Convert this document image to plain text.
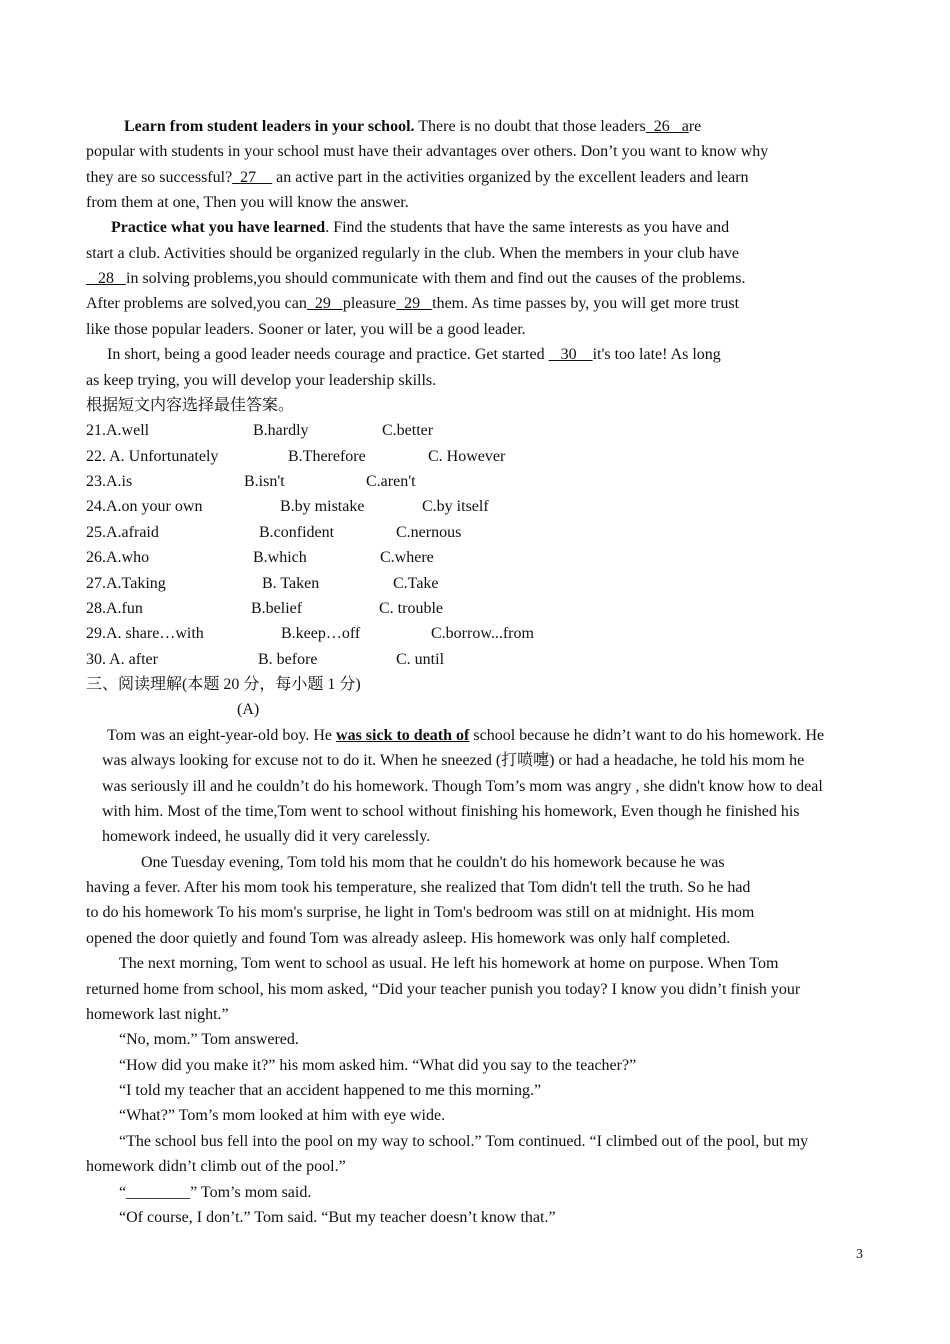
Learn from student leaders in your school. There is no doubt that those leaders  26   are
popular with students in your school must have their advantages over others. Don’t you want to know why
they are so successful?  27     an active part in the activities organized by the excellent leaders and learn
from them at one, Then you will know the answer.
Practice what you have learned. Find the students that have the same interests as you have and
start a club. Activities should be organized regularly in the club. When the members in your club have
28   in solving problems,you should communicate with them and find out the causes of the problems.
After problems are solved,you can  29   pleasure  29   them. As time passes by, you will get more trust
like those popular leaders. Sooner or later, you will be a good leader.
In short, being a good leader needs courage and practice. Get started    30    it's too late! As long
as keep trying, you will develop your leadership skills.
根据短文内容选择最佳答案。
21.A.well	B.hardly	C.better
22. A. Unfortunately	B.Therefore	C. However
23.A.is	B.isn't	C.aren't
24.A.on your own	B.by mistake	C.by itself
25.A.afraid	B.confident	C.nernous
26.A.who	B.which	C.where
27.A.Taking	B. Taken	C.Take
28.A.fun	B.belief	C. trouble
29.A. share…with	B.keep…off	C.borrow...from
30. A. after	B. before	C. until
三、阅读理解(本题 20 分，每小题 1 分)
(A)
Tom was an eight-year-old boy. He was sick to death of school because he didn’t want to do his homework. He
was always looking for excuse not to do it. When he sneezed (打喷嚏) or had a headache, he told his mom he
was seriously ill and he couldn’t do his homework. Though Tom’s mom was angry , she didn't know how to deal
with him. Most of the time,Tom went to school without finishing his homework, Even though he finished his
homework indeed, he usually did it very carelessly.
One Tuesday evening, Tom told his mom that he couldn't do his homework because he was
having a fever. After his mom took his temperature, she realized that Tom didn't tell the truth. So he had
to do his homework To his mom's surprise, he light in Tom's bedroom was still on at midnight. His mom
opened the door quietly and found Tom was already asleep. His homework was only half completed.
The next morning, Tom went to school as usual. He left his homework at home on purpose. When Tom
returned home from school, his mom asked, “Did your teacher punish you today? I know you didn’t finish your
homework last night.”
“No, mom.” Tom answered.
“How did you make it?” his mom asked him. “What did you say to the teacher?”
“I told my teacher that an accident happened to me this morning.”
“What?” Tom’s mom looked at him with eye wide.
“The school bus fell into the pool on my way to school.” Tom continued. “I climbed out of the pool, but my
homework didn’t climb out of the pool.”
“________” Tom’s mom said.
“Of course, I don’t.” Tom said. “But my teacher doesn’t know that.”
3
